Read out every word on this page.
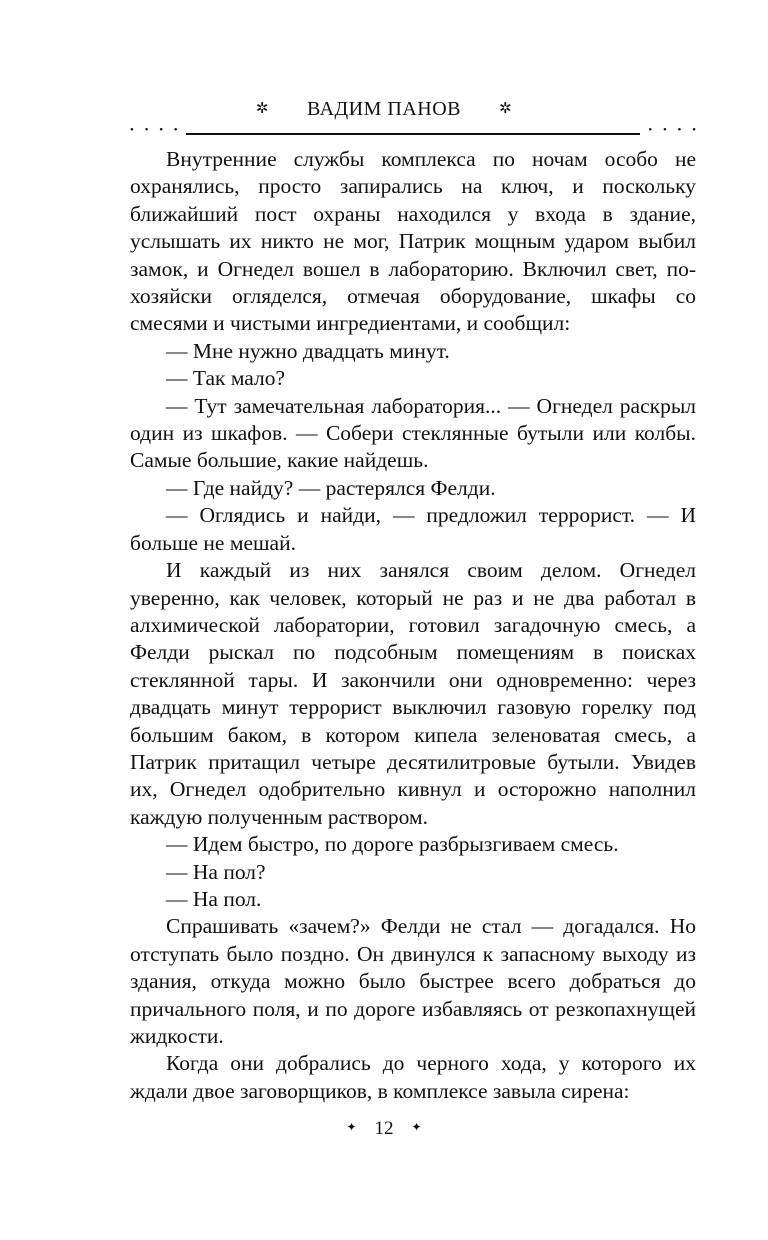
✲ ВАДИМ ПАНОВ	✲
• • • •	• • • •

Внутренние службы комплекса по ночам особо не охранялись, просто запирались на ключ, и поскольку ближайший пост охраны находился у входа в здание, услышать их никто не мог, Патрик мощным ударом выбил замок, и Огнедел вошел в лабораторию. Включил свет, по-хозяйски огляделся, отмечая оборудование, шкафы со смесями и чистыми ингредиентами, и сообщил:

— Мне нужно двадцать минут.

— Так мало?

— Тут замечательная лаборатория... — Огнедел раскрыл один из шкафов. — Собери стеклянные бутыли или колбы. Самые большие, какие найдешь.

— Где найду? — растерялся Фелди.

— Оглядись и найди, — предложил террорист. — И больше не мешай.

И каждый из них занялся своим делом. Огнедел уверенно, как человек, который не раз и не два работал в алхимической лаборатории, готовил загадочную смесь, а Фелди рыскал по подсобным помещениям в поисках стеклянной тары. И закончили они одновременно: через двадцать минут террорист выключил газовую горелку под большим баком, в котором кипела зеленоватая смесь, а Патрик притащил четыре десятилитровые бутыли. Увидев их, Огнедел одобрительно кивнул и осторожно наполнил каждую полученным раствором.

— Идем быстро, по дороге разбрызгиваем смесь.

— На пол?

— На пол.

Спрашивать «зачем?» Фелди не стал — догадался. Но отступать было поздно. Он двинулся к запасному выходу из здания, откуда можно было быстрее всего добраться до причального поля, и по дороге избавляясь от резкопахнущей жидкости.

Когда они добрались до черного хода, у которого их ждали двое заговорщиков, в комплексе завыла сирена:

✦ 12 ✦
